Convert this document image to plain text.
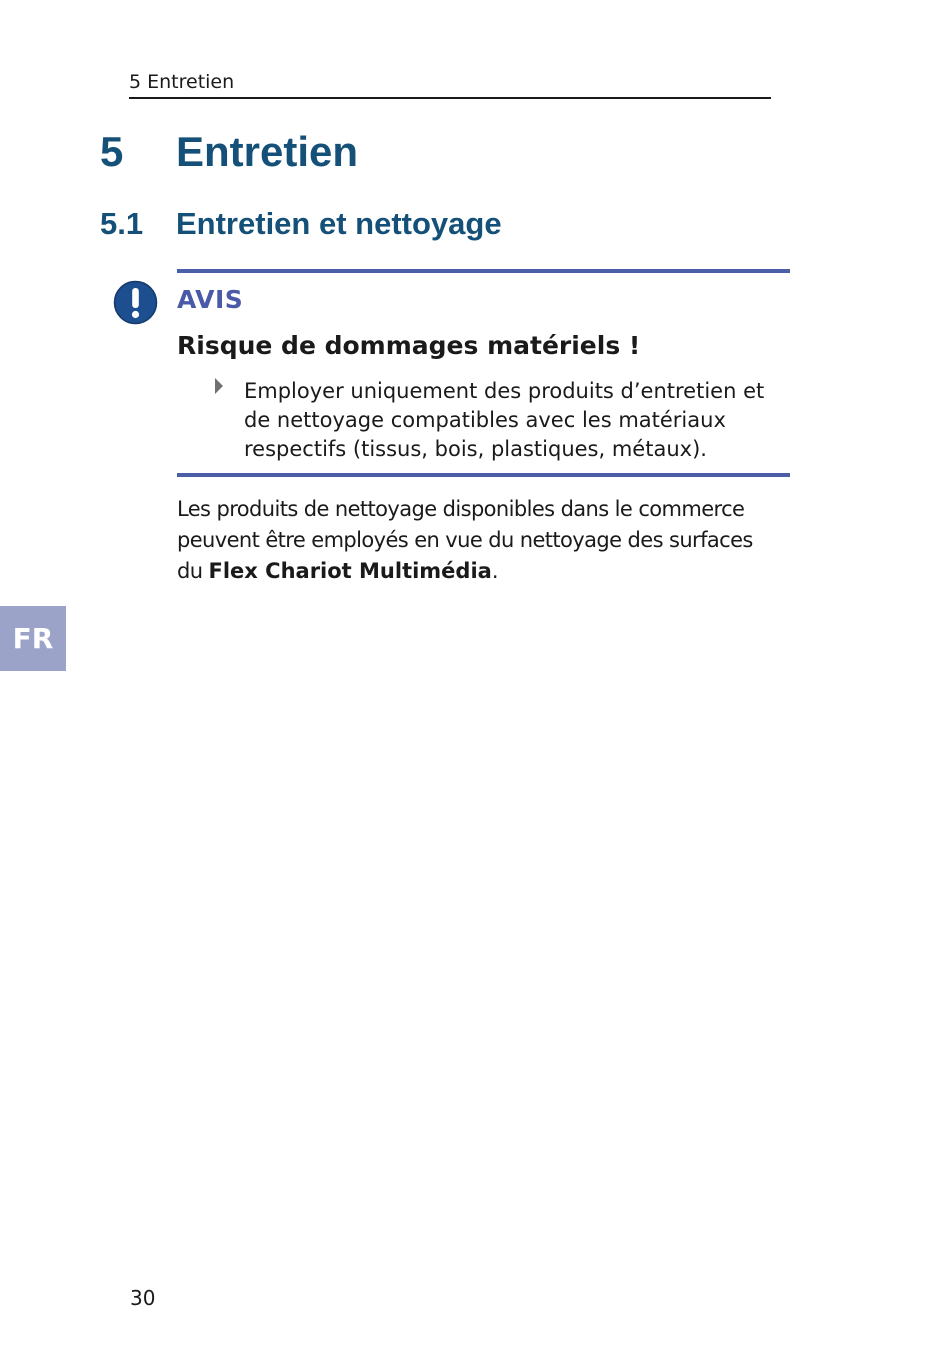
5 Entretien
5 Entretien
5.1 Entretien et nettoyage
AVIS
Risque de dommages matériels !
Employer uniquement des produits d’entretien et de nettoyage compatibles avec les matériaux respectifs (tissus, bois, plastiques, métaux).

Les produits de nettoyage disponibles dans le commerce peuvent être employés en vue du nettoyage des surfaces du Flex Chariot Multimédia.

FR
30
